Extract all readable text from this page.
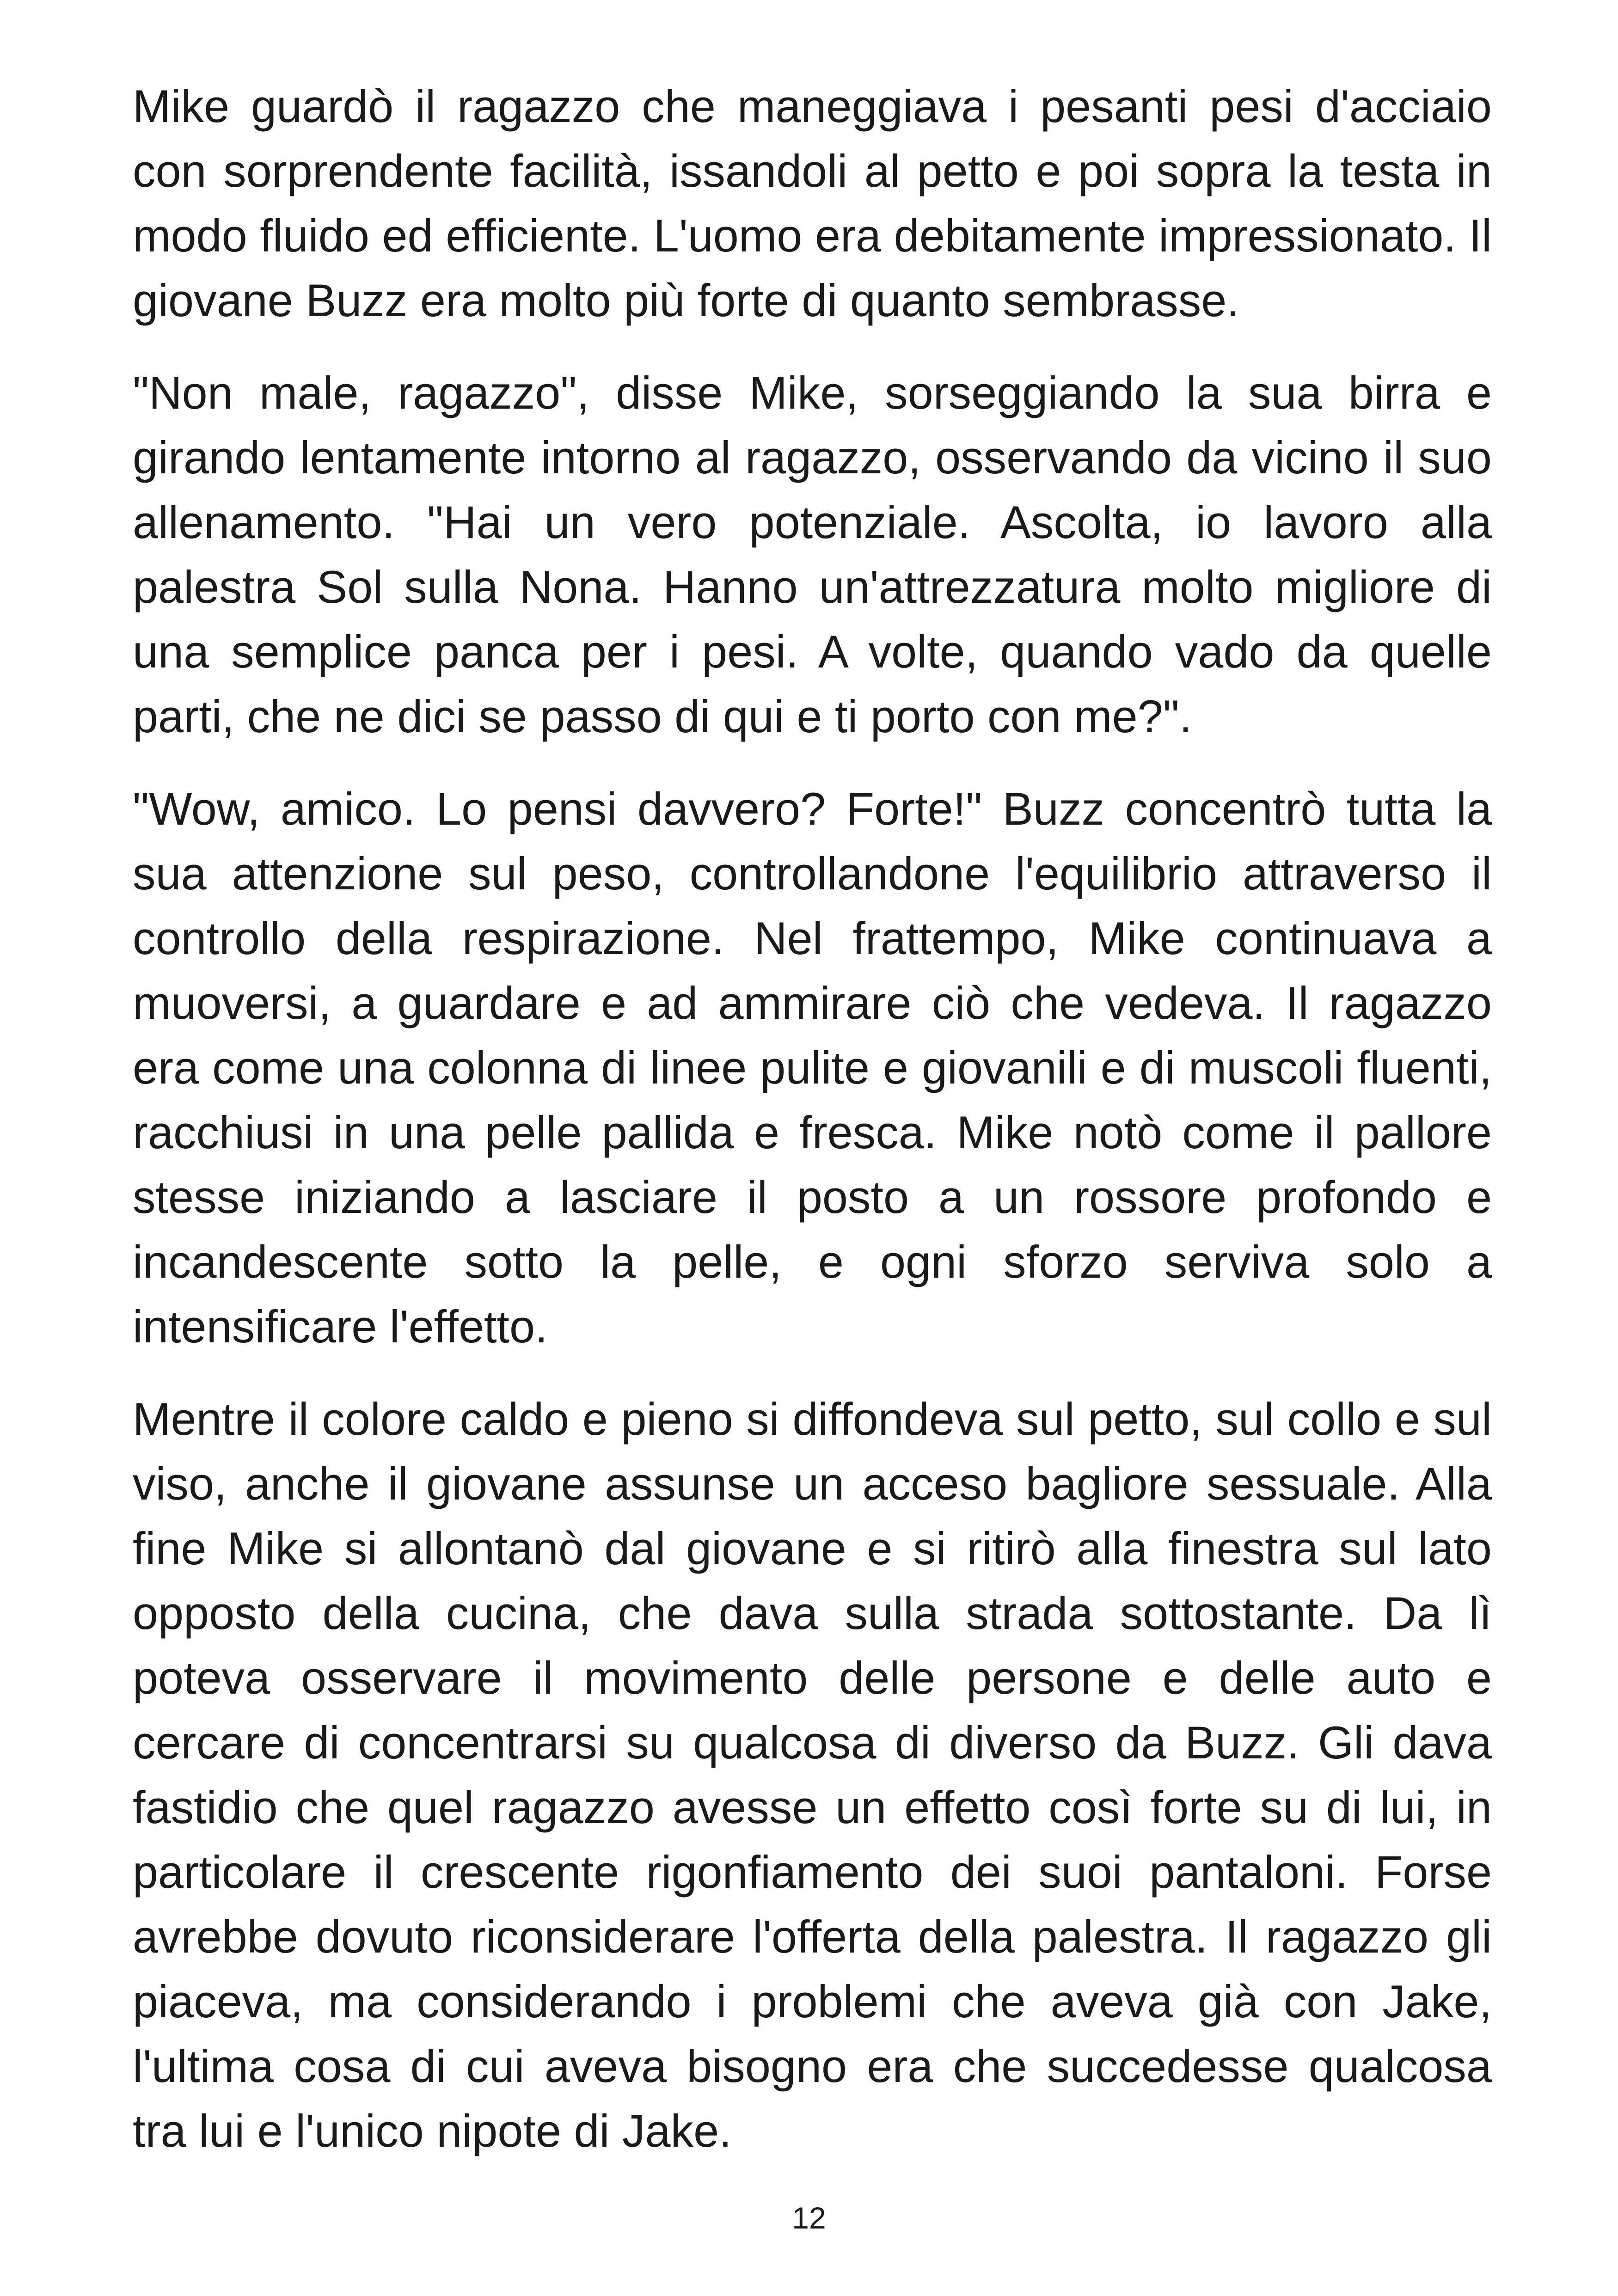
Mike guardò il ragazzo che maneggiava i pesanti pesi d'acciaio con sorprendente facilità, issandoli al petto e poi sopra la testa in modo fluido ed efficiente. L'uomo era debitamente impressionato. Il giovane Buzz era molto più forte di quanto sembrasse.

"Non male, ragazzo", disse Mike, sorseggiando la sua birra e girando lentamente intorno al ragazzo, osservando da vicino il suo allenamento. "Hai un vero potenziale. Ascolta, io lavoro alla palestra Sol sulla Nona. Hanno un'attrezzatura molto migliore di una semplice panca per i pesi. A volte, quando vado da quelle parti, che ne dici se passo di qui e ti porto con me?".

"Wow, amico. Lo pensi davvero? Forte!" Buzz concentrò tutta la sua attenzione sul peso, controllandone l'equilibrio attraverso il controllo della respirazione. Nel frattempo, Mike continuava a muoversi, a guardare e ad ammirare ciò che vedeva. Il ragazzo era come una colonna di linee pulite e giovanili e di muscoli fluenti, racchiusi in una pelle pallida e fresca. Mike notò come il pallore stesse iniziando a lasciare il posto a un rossore profondo e incandescente sotto la pelle, e ogni sforzo serviva solo a intensificare l'effetto.

Mentre il colore caldo e pieno si diffondeva sul petto, sul collo e sul viso, anche il giovane assunse un acceso bagliore sessuale. Alla fine Mike si allontanò dal giovane e si ritirò alla finestra sul lato opposto della cucina, che dava sulla strada sottostante. Da lì poteva osservare il movimento delle persone e delle auto e cercare di concentrarsi su qualcosa di diverso da Buzz. Gli dava fastidio che quel ragazzo avesse un effetto così forte su di lui, in particolare il crescente rigonfiamento dei suoi pantaloni. Forse avrebbe dovuto riconsiderare l'offerta della palestra. Il ragazzo gli piaceva, ma considerando i problemi che aveva già con Jake, l'ultima cosa di cui aveva bisogno era che succedesse qualcosa tra lui e l'unico nipote di Jake.

12
